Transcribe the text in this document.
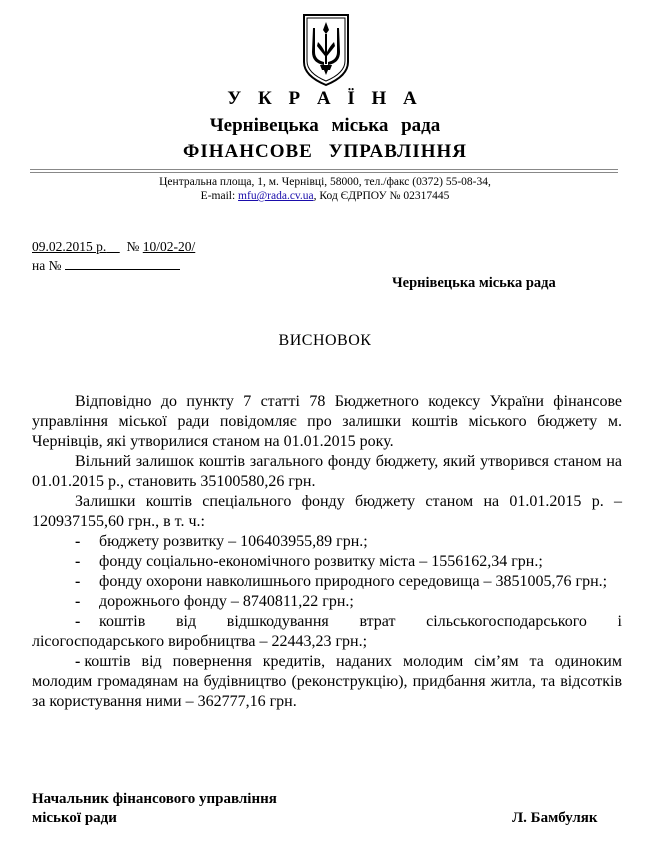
У К Р А Ї Н А
Чернівецька міська рада
ФІНАНСОВЕ УПРАВЛІННЯ
Центральна площа, 1, м. Чернівці, 58000, тел./факс (0372) 55-08-34,
E-mail: mfu@rada.cv.ua, Код ЄДРПОУ № 02317445
09.02.2015 р. № 10/02-20/
на №
Чернівецька міська рада
ВИСНОВОК

Відповідно до пункту 7 статті 78 Бюджетного кодексу України фінансове управління міської ради повідомляє про залишки коштів міського бюджету м. Чернівців, які утворилися станом на 01.01.2015 року.

Вільний залишок коштів загального фонду бюджету, який утворився станом на 01.01.2015 р., становить 35100580,26 грн.

Залишки коштів спеціального фонду бюджету станом на 01.01.2015 р. – 120937155,60 грн., в т. ч.:

- бюджету розвитку – 106403955,89 грн.;

- фонду соціально-економічного розвитку міста – 1556162,34 грн.;

- фонду охорони навколишнього природного середовища – 3851005,76 грн.;

- дорожнього фонду – 8740811,22 грн.;

- коштів від відшкодування втрат сільськогосподарського і лісогосподарського виробництва – 22443,23 грн.;

- коштів від повернення кредитів, наданих молодим сім’ям та одиноким молодим громадянам на будівництво (реконструкцію), придбання житла, та відсотків за користування ними – 362777,16 грн.

Начальник фінансового управління
міської ради	Л. Бамбуляк
